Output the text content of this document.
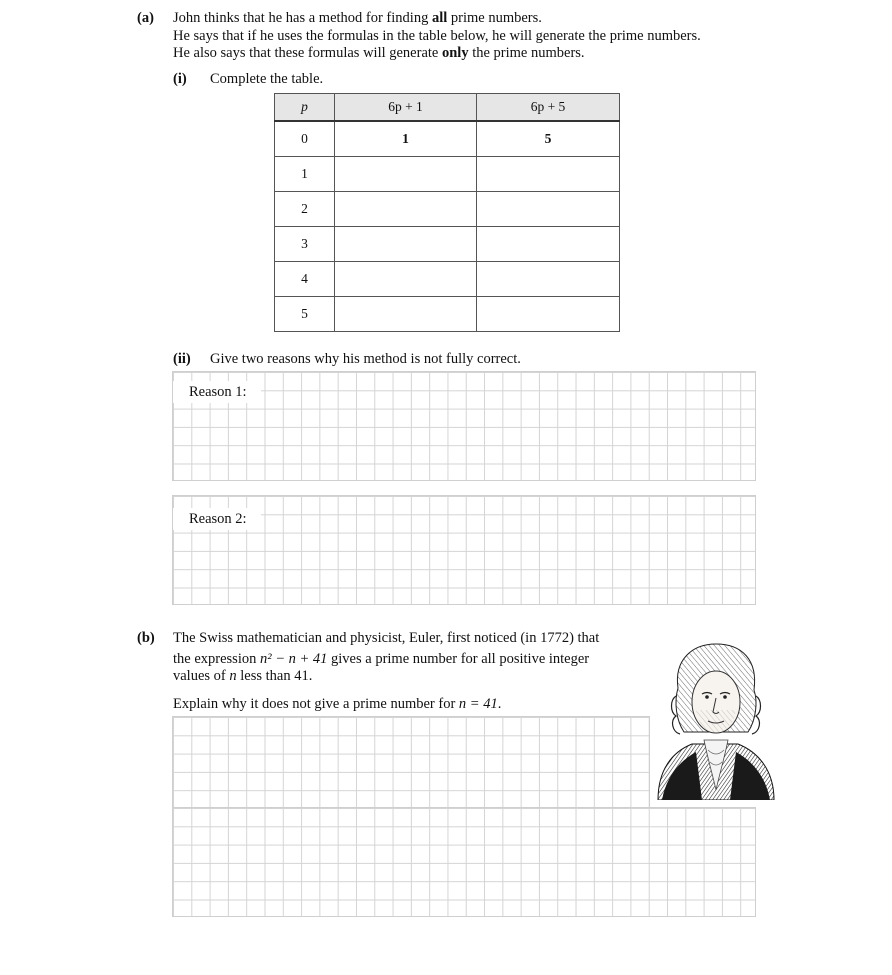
(a) John thinks that he has a method for finding all prime numbers.
He says that if he uses the formulas in the table below, he will generate the prime numbers.
He also says that these formulas will generate only the prime numbers.
(i) Complete the table.
p	6p + 1	6p + 5
0	1	5
1		
2		
3		
4		
5		
(ii) Give two reasons why his method is not fully correct.
Reason 1:
Reason 2:
(b) The Swiss mathematician and physicist, Euler, first noticed (in 1772) that
the expression n² − n + 41 gives a prime number for all positive integer
values of n less than 41.
Explain why it does not give a prime number for n = 41.
